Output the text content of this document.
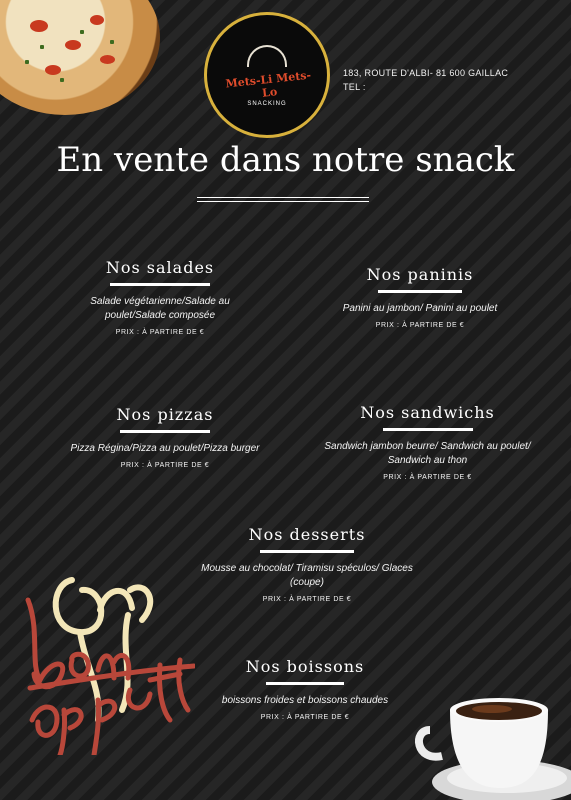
Mets-Li Mets-Lo
SNACKING
183, ROUTE D'ALBI- 81 600 GAILLAC
TEL :
En vente dans notre snack
Nos salades
Salade végétarienne/Salade au poulet/Salade composée
PRIX : À PARTIRE DE €
Nos paninis
Panini au jambon/ Panini au poulet
PRIX : À PARTIRE DE €
Nos pizzas
Pizza Régina/Pizza au poulet/Pizza burger
PRIX : À PARTIRE DE €
Nos sandwichs
Sandwich jambon beurre/ Sandwich au poulet/ Sandwich au thon
PRIX : À PARTIRE DE €
Nos desserts
Mousse au chocolat/ Tiramisu spéculos/ Glaces (coupe)
PRIX : À PARTIRE DE €
Nos boissons
boissons froides et boissons chaudes
PRIX : À PARTIRE DE €
